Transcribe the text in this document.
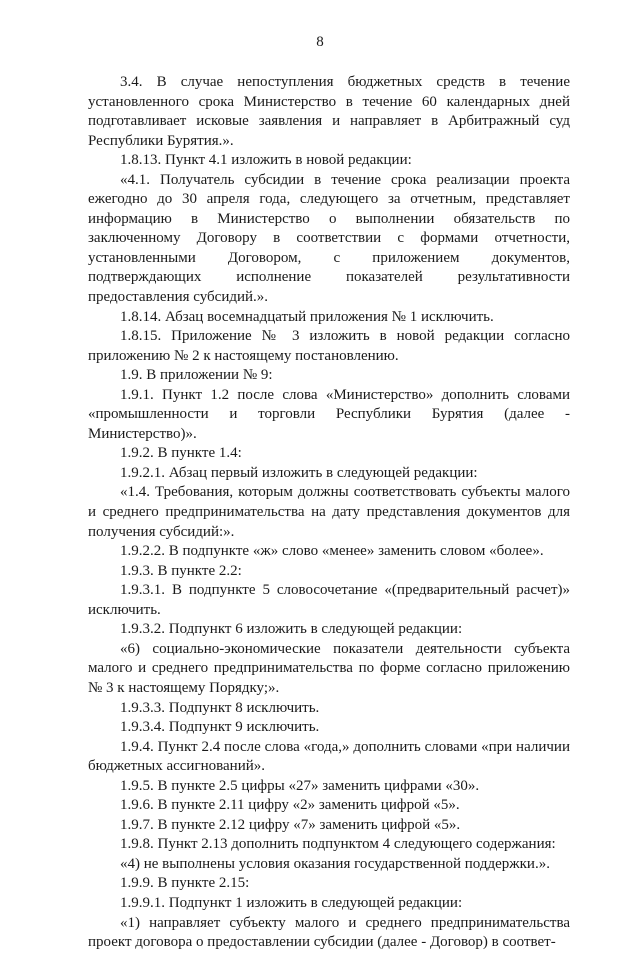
8

3.4. В случае непоступления бюджетных средств в течение установленного срока Министерство в течение 60 календарных дней подготавливает исковые заявления и направляет в Арбитражный суд Республики Бурятия.».

1.8.13. Пункт 4.1 изложить в новой редакции:

«4.1. Получатель субсидии в течение срока реализации проекта ежегодно до 30 апреля года, следующего за отчетным, представляет информацию в Министерство о выполнении обязательств по заключенному Договору в соответствии с формами отчетности, установленными Договором, с приложением документов, подтверждающих исполнение показателей результативности предоставления субсидий.».

1.8.14. Абзац восемнадцатый приложения № 1 исключить.

1.8.15. Приложение № 3 изложить в новой редакции согласно приложению № 2 к настоящему постановлению.

1.9. В приложении № 9:

1.9.1. Пункт 1.2 после слова «Министерство» дополнить словами «промышленности и торговли Республики Бурятия (далее - Министерство)».

1.9.2. В пункте 1.4:

1.9.2.1. Абзац первый изложить в следующей редакции:

«1.4. Требования, которым должны соответствовать субъекты малого и среднего предпринимательства на дату представления документов для получения субсидий:».

1.9.2.2. В подпункте «ж» слово «менее» заменить словом «более».

1.9.3. В пункте 2.2:

1.9.3.1. В подпункте 5 словосочетание «(предварительный расчет)» исключить.

1.9.3.2. Подпункт 6 изложить в следующей редакции:

«6) социально-экономические показатели деятельности субъекта малого и среднего предпринимательства по форме согласно приложению № 3 к настоящему Порядку;».

1.9.3.3. Подпункт 8 исключить.

1.9.3.4. Подпункт 9 исключить.

1.9.4. Пункт 2.4 после слова «года,» дополнить словами «при наличии бюджетных ассигнований».

1.9.5. В пункте 2.5 цифры «27» заменить цифрами «30».

1.9.6. В пункте 2.11 цифру «2» заменить цифрой «5».

1.9.7. В пункте 2.12 цифру «7» заменить цифрой «5».

1.9.8. Пункт 2.13 дополнить подпунктом 4 следующего содержания:

«4) не выполнены условия оказания государственной поддержки.».

1.9.9. В пункте 2.15:

1.9.9.1. Подпункт 1 изложить в следующей редакции:

«1) направляет субъекту малого и среднего предпринимательства проект договора о предоставлении субсидии (далее - Договор) в соответ-
